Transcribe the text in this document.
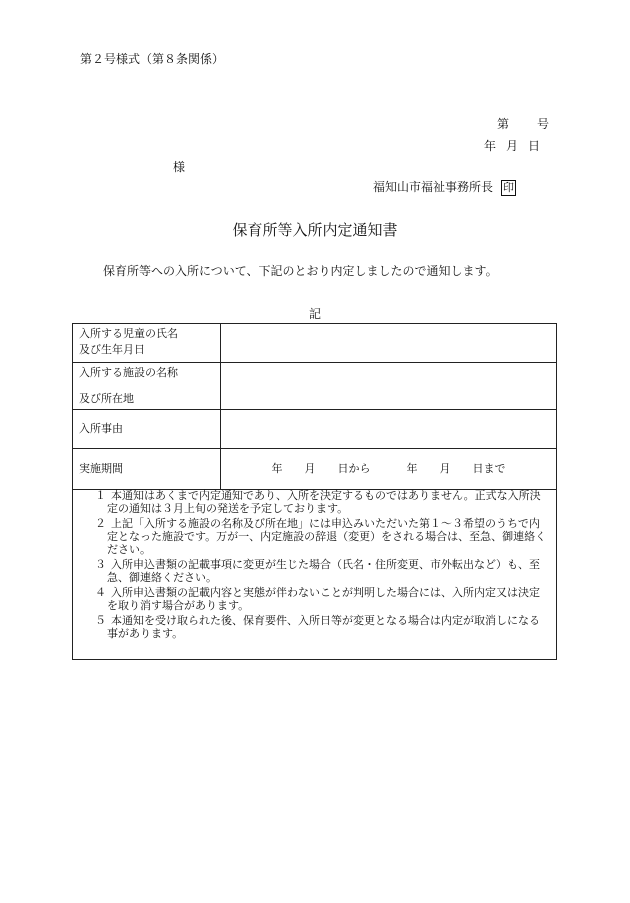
第２号様式（第８条関係）
第 号
年 月 日
様
福知山市福祉事務所長 印
保育所等入所内定通知書
保育所等への入所について、下記のとおり内定しましたので通知します。
記
入所する児童の氏名
及び生年月日	

入所する施設の名称
及び所在地	

入所事由	
実施期間	年 月 日から 年 月 日まで
１ 本通知はあくまで内定通知であり、入所を決定するものではありません。正式な入所決定の通知は３月上旬の発送を予定しております。
２ 上記「入所する施設の名称及び所在地」には申込みいただいた第１～３希望のうちで内定となった施設です。万が一、内定施設の辞退（変更）をされる場合は、至急、御連絡ください。
３ 入所申込書類の記載事項に変更が生じた場合（氏名・住所変更、市外転出など）も、至急、御連絡ください。
４ 入所申込書類の記載内容と実態が伴わないことが判明した場合には、入所内定又は決定を取り消す場合があります。
５ 本通知を受け取られた後、保育要件、入所日等が変更となる場合は内定が取消しになる事があります。
